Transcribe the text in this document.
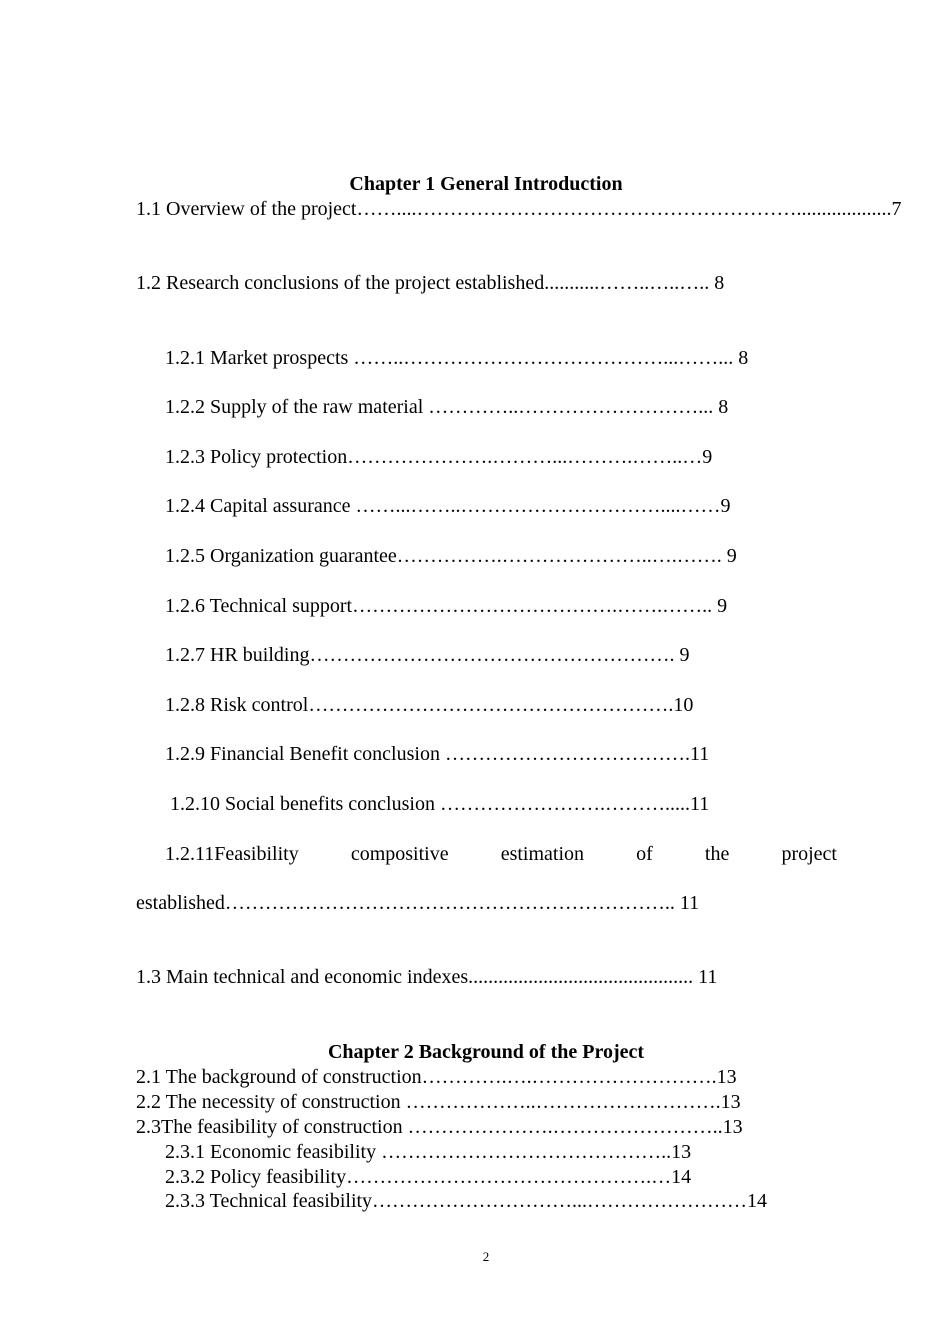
Chapter 1 General Introduction
1.1 Overview of the project……....…………………………………………………...................7
1.2 Research conclusions of the project established...........……..…..….. 8
1.2.1 Market prospects ……..…………………………………...……... 8
1.2.2 Supply of the raw material …………..………………………... 8
1.2.3 Policy protection………………….………...……….……..…9
1.2.4 Capital assurance ……...……..…………………………....……9
1.2.5 Organization guarantee…………….…………………..….……. 9
1.2.6 Technical support………………………………….…….…….. 9
1.2.7 HR building………………………………………………. 9
1.2.8 Risk control……………………………………………….10
1.2.9 Financial Benefit conclusion ……………………………….11
1.2.10 Social benefits conclusion …………………….……….....11
1.2.11Feasibility	compositive	estimation	of	the	project
established………………………………………………………….. 11
1.3 Main technical and economic indexes............................................. 11
Chapter 2 Background of the Project
2.1 The background of construction………….….……………………….13
2.2 The necessity of construction ………………..……………………….13
2.3The feasibility of construction ………………….……………………..13
2.3.1 Economic feasibility ……………………………………..13
2.3.2 Policy feasibility……………………………………….…14
2.3.3 Technical feasibility…………………………...……………………14
2
